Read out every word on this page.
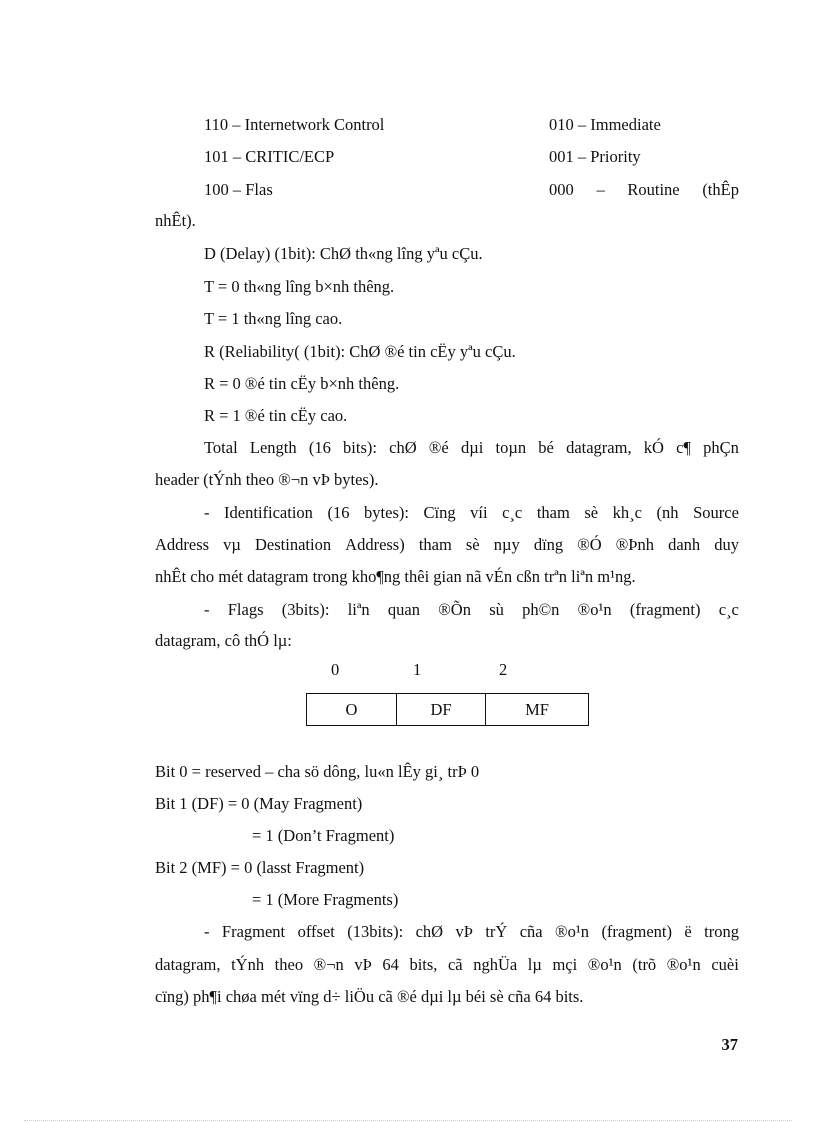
110 – Internetwork Control	010 – Immediate
101 – CRITIC/ECP	001 – Priority
100 – Flas	000 – Routine (thÊp
nhÊt).
D (Delay) (1bit): ChØ th«ng lîng yªu cÇu.
T = 0 th«ng lîng b×nh thêng.
T = 1 th«ng lîng cao.
R (Reliability( (1bit): ChØ ®é tin cËy yªu cÇu.
R = 0 ®é tin cËy b×nh thêng.
R = 1 ®é tin cËy cao.
Total Length (16 bits): chØ ®é dµi toµn bé datagram, kÓ c¶ phÇn
header (tÝnh theo ®¬n vÞ bytes).
- Identification (16 bytes): Cïng víi c¸c tham sè kh¸c (nh Source
Address vµ Destination Address) tham sè nµy dïng ®Ó ®Þnh danh duy
nhÊt cho mét datagram trong kho¶ng thêi gian nã vÉn cßn trªn liªn m¹ng.
- Flags (3bits): liªn quan ®Õn sù ph©n ®o¹n (fragment) c¸c
datagram, cô thÓ lµ:
0	1	2
O	DF	MF
Bit 0 = reserved – cha sö dông, lu«n lÊy gi¸ trÞ 0
Bit 1 (DF) = 0 (May Fragment)
= 1 (Don’t Fragment)
Bit 2 (MF) = 0 (lasst Fragment)
= 1 (More Fragments)
- Fragment offset (13bits): chØ vÞ trÝ cña ®o¹n (fragment) ë trong
datagram, tÝnh theo ®¬n vÞ 64 bits, cã nghÜa lµ mçi ®o¹n (trõ ®o¹n cuèi
cïng) ph¶i chøa mét vïng d÷ liÖu cã ®é dµi lµ béi sè cña 64 bits.
37
